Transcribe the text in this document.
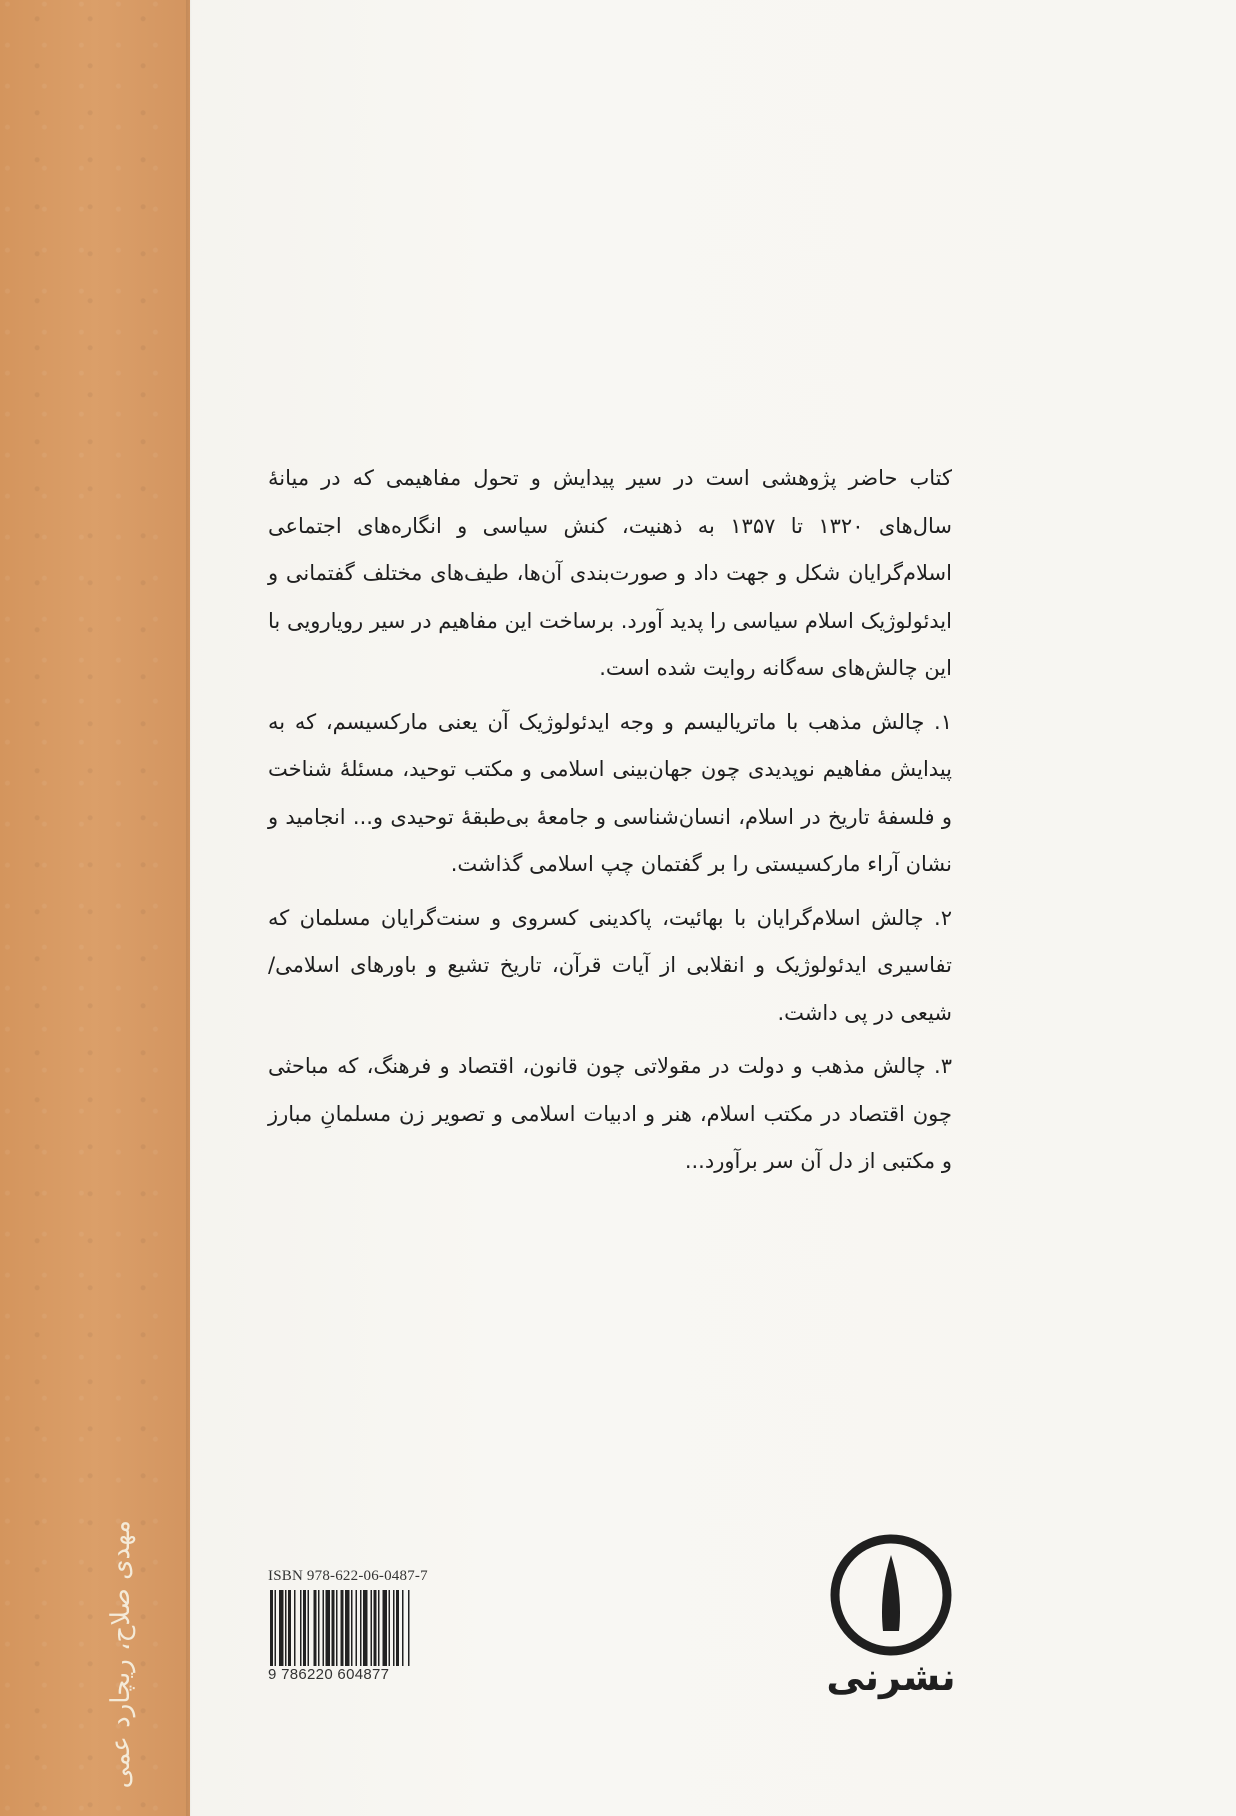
مهدی صلاح، ریچارد عمی

کتاب حاضر پژوهشی است در سیر پیدایش و تحول مفاهیمی که در میانهٔ سال‌های ۱۳۲۰ تا ۱۳۵۷ به ذهنیت، کنش سیاسی و انگاره‌های اجتماعی اسلام‌گرایان شکل و جهت داد و صورت‌بندی آن‌ها، طیف‌های مختلف گفتمانی و ایدئولوژیک اسلام سیاسی را پدید آورد. برساخت این مفاهیم در سیر رویارویی با این چالش‌های سه‌گانه روایت شده است.

۱. چالش مذهب با ماتریالیسم و وجه ایدئولوژیک آن یعنی مارکسیسم، که به پیدایش مفاهیم نوپدیدی چون جهان‌بینی اسلامی و مکتب توحید، مسئلهٔ شناخت و فلسفهٔ تاریخ در اسلام، انسان‌شناسی و جامعهٔ بی‌طبقهٔ توحیدی و... انجامید و نشان آراء مارکسیستی را بر گفتمان چپ اسلامی گذاشت.

۲. چالش اسلام‌گرایان با بهائیت، پاکدینی کسروی و سنت‌گرایان مسلمان که تفاسیری ایدئولوژیک و انقلابی از آیات قرآن، تاریخ تشیع و باورهای اسلامی/شیعی در پی داشت.

۳. چالش مذهب و دولت در مقولاتی چون قانون، اقتصاد و فرهنگ، که مباحثی چون اقتصاد در مکتب اسلام، هنر و ادبیات اسلامی و تصویر زن مسلمانِ مبارز و مکتبی از دل آن سر برآورد...

ISBN 978-622-06-0487-7
9 786220 604877	نشرنی
